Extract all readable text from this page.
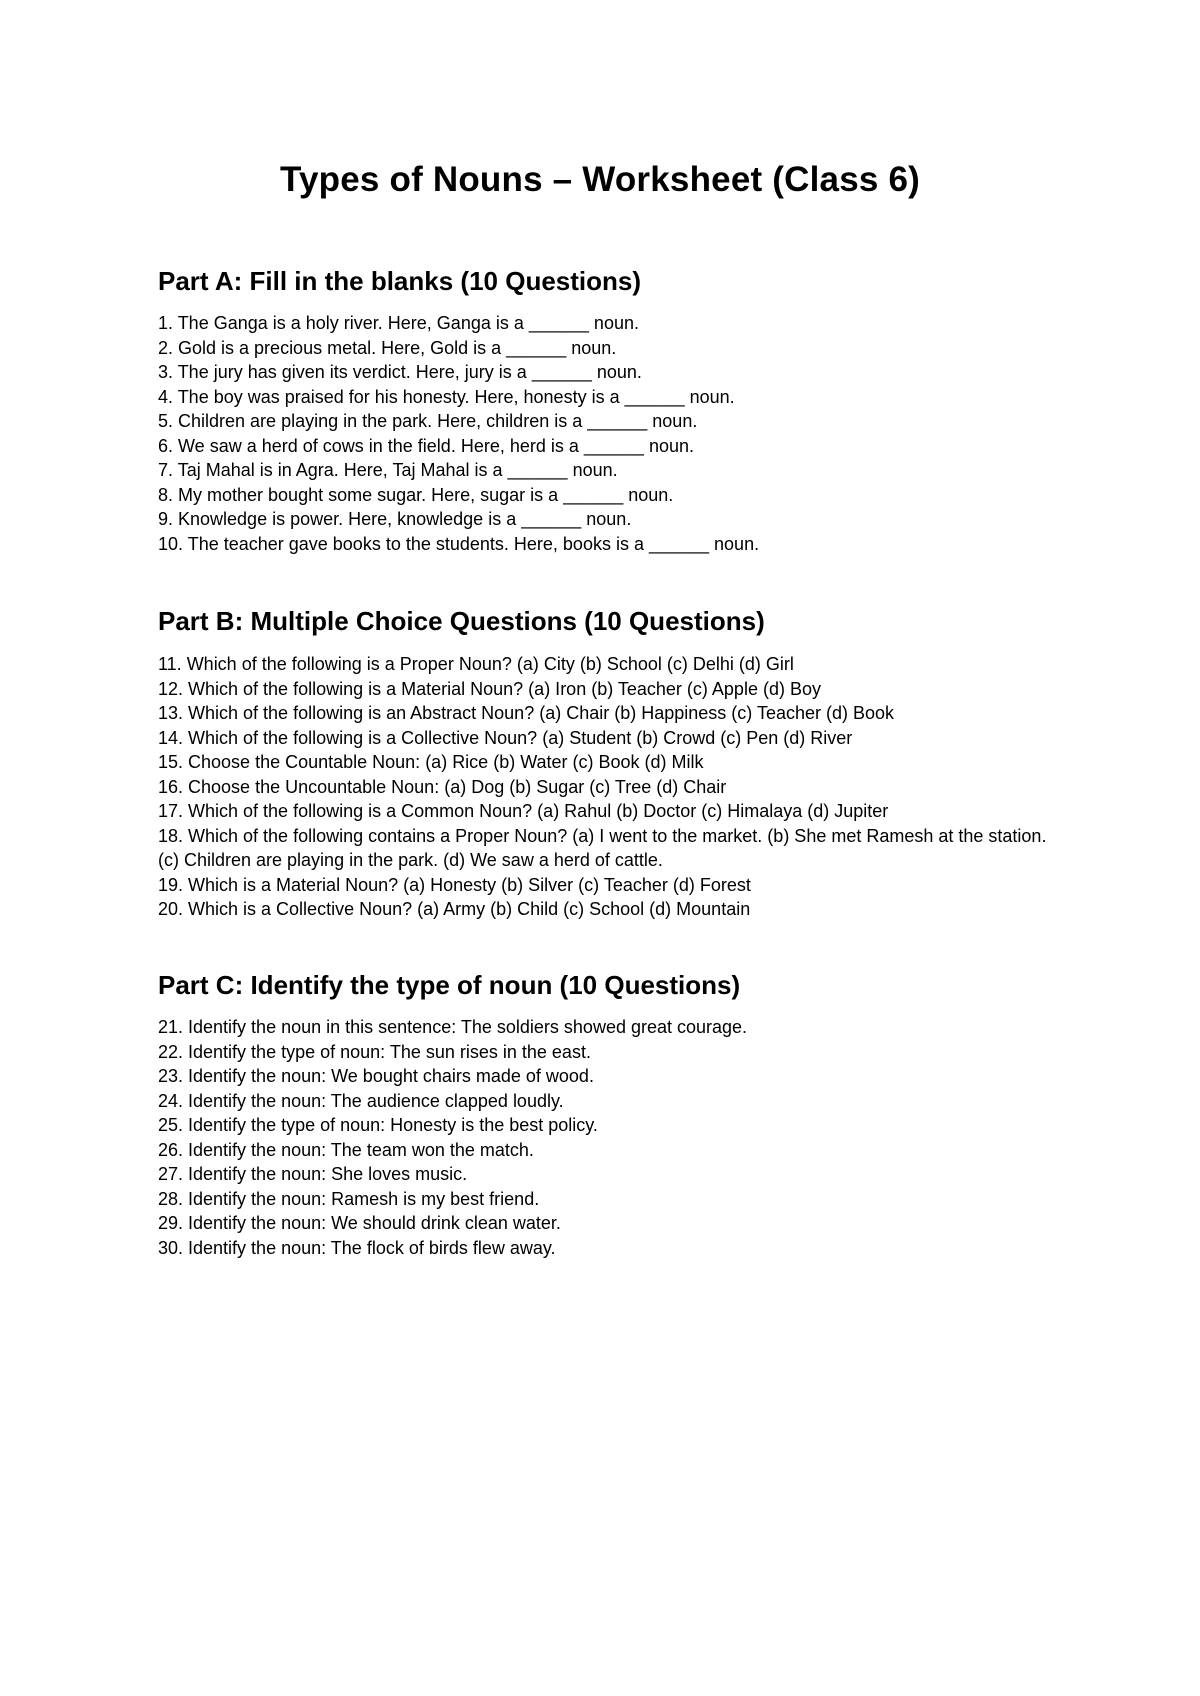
Types of Nouns – Worksheet (Class 6)
Part A: Fill in the blanks (10 Questions)
1. The Ganga is a holy river. Here, Ganga is a ______ noun.
2. Gold is a precious metal. Here, Gold is a ______ noun.
3. The jury has given its verdict. Here, jury is a ______ noun.
4. The boy was praised for his honesty. Here, honesty is a ______ noun.
5. Children are playing in the park. Here, children is a ______ noun.
6. We saw a herd of cows in the field. Here, herd is a ______ noun.
7. Taj Mahal is in Agra. Here, Taj Mahal is a ______ noun.
8. My mother bought some sugar. Here, sugar is a ______ noun.
9. Knowledge is power. Here, knowledge is a ______ noun.
10. The teacher gave books to the students. Here, books is a ______ noun.
Part B: Multiple Choice Questions (10 Questions)
11. Which of the following is a Proper Noun? (a) City (b) School (c) Delhi (d) Girl
12. Which of the following is a Material Noun? (a) Iron (b) Teacher (c) Apple (d) Boy
13. Which of the following is an Abstract Noun? (a) Chair (b) Happiness (c) Teacher (d) Book
14. Which of the following is a Collective Noun? (a) Student (b) Crowd (c) Pen (d) River
15. Choose the Countable Noun: (a) Rice (b) Water (c) Book (d) Milk
16. Choose the Uncountable Noun: (a) Dog (b) Sugar (c) Tree (d) Chair
17. Which of the following is a Common Noun? (a) Rahul (b) Doctor (c) Himalaya (d) Jupiter
18. Which of the following contains a Proper Noun? (a) I went to the market. (b) She met Ramesh at the station. (c) Children are playing in the park. (d) We saw a herd of cattle.
19. Which is a Material Noun? (a) Honesty (b) Silver (c) Teacher (d) Forest
20. Which is a Collective Noun? (a) Army (b) Child (c) School (d) Mountain
Part C: Identify the type of noun (10 Questions)
21. Identify the noun in this sentence: The soldiers showed great courage.
22. Identify the type of noun: The sun rises in the east.
23. Identify the noun: We bought chairs made of wood.
24. Identify the noun: The audience clapped loudly.
25. Identify the type of noun: Honesty is the best policy.
26. Identify the noun: The team won the match.
27. Identify the noun: She loves music.
28. Identify the noun: Ramesh is my best friend.
29. Identify the noun: We should drink clean water.
30. Identify the noun: The flock of birds flew away.
